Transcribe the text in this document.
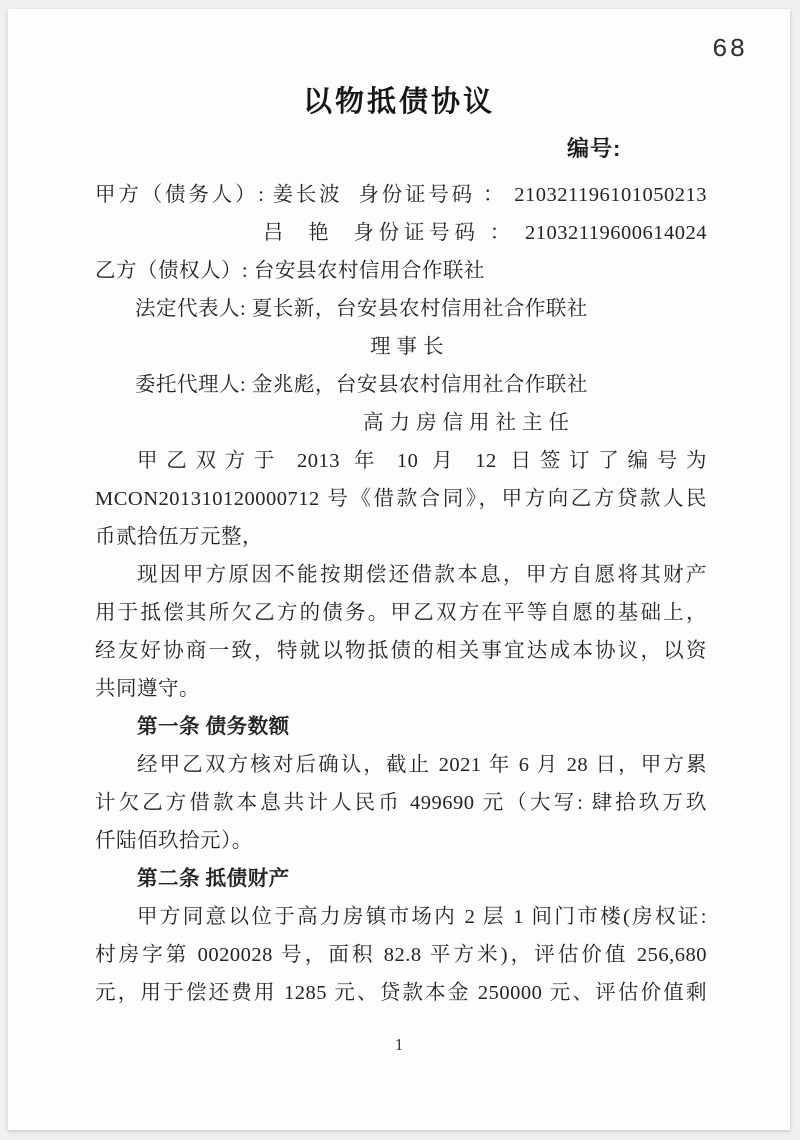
68
以物抵债协议
编号:
甲方（债务人）: 姜长波  身份证号码 ： 210321196101050213
吕  艳  身份证号码 ： 21032119600614024
乙方（债权人）: 台安县农村信用合作联社
法定代表人: 夏长新，台安县农村信用社合作联社
理事长
委托代理人: 金兆彪，台安县农村信用社合作联社
高力房信用社主任
甲乙双方于 2013 年 10 月 12 日签订了编号为
MCON201310120000712 号《借款合同》，甲方向乙方贷款人民
币贰拾伍万元整，
现因甲方原因不能按期偿还借款本息，甲方自愿将其财产
用于抵偿其所欠乙方的债务。甲乙双方在平等自愿的基础上，
经友好协商一致，特就以物抵债的相关事宜达成本协议，以资
共同遵守。
第一条 债务数额
经甲乙双方核对后确认，截止 2021 年 6 月 28 日，甲方累
计欠乙方借款本息共计人民币 499690 元（大写: 肆拾玖万玖
仟陆佰玖拾元）。
第二条 抵债财产
甲方同意以位于高力房镇市场内 2 层 1 间门市楼(房权证:
村房字第 0020028 号，面积 82.8 平方米)，评估价值 256,680
元，用于偿还费用 1285 元、贷款本金 250000 元、评估价值剩
1
